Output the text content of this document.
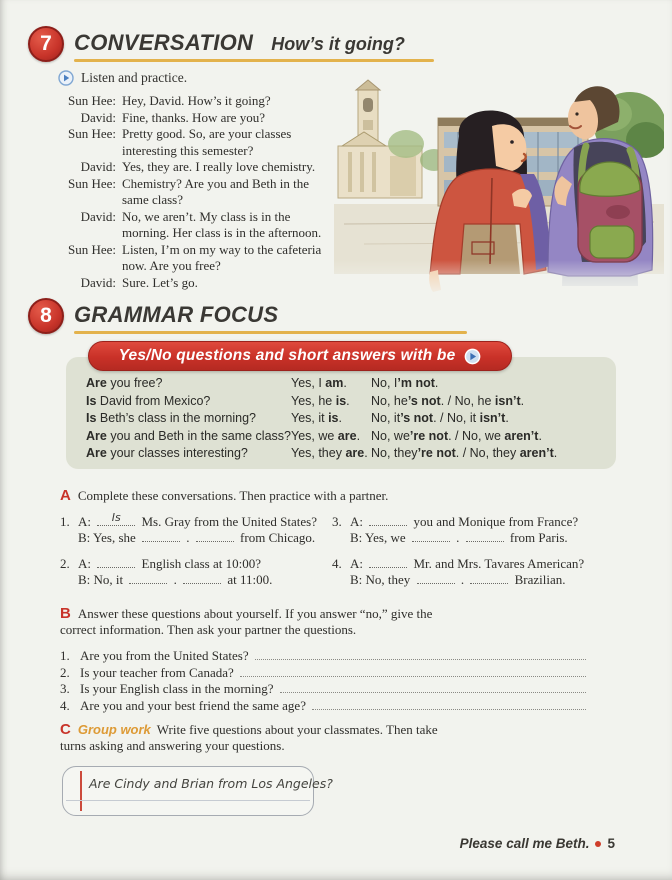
7	CONVERSATION How’s it going?
Listen and practice.
Sun Hee: Hey, David. How’s it going?
David: Fine, thanks. How are you?
Sun Hee: Pretty good. So, are your classes
interesting this semester?
David: Yes, they are. I really love chemistry.
Sun Hee: Chemistry? Are you and Beth in the
same class?
David: No, we aren’t. My class is in the
morning. Her class is in the afternoon.
Sun Hee: Listen, I’m on my way to the cafeteria
now. Are you free?
David: Sure. Let’s go.
8	GRAMMAR FOCUS
Yes/No questions and short answers with be
Are you free?	Yes, I am.	No, I’m not.
Is David from Mexico?	Yes, he is.	No, he’s not. / No, he isn’t.
Is Beth’s class in the morning?	Yes, it is.	No, it’s not. / No, it isn’t.
Are you and Beth in the same class? Yes, we are. No, we’re not. / No, we aren’t.
Are your classes interesting?	Yes, they are. No, they’re not. / No, they aren’t.
A Complete these conversations. Then practice with a partner.
1. A:	Is	Ms. Gray from the United States?
B: Yes, she	.	from Chicago.
3. A:	you and Monique from France?
B: Yes, we	.	from Paris.
2. A:	English class at 10:00?
B: No, it	.	at 11:00.
4. A:	Mr. and Mrs. Tavares American?
B: No, they	.	Brazilian.
B Answer these questions about yourself. If you answer “no,” give the
correct information. Then ask your partner the questions.
1. Are you from the United States?
2. Is your teacher from Canada?
3. Is your English class in the morning?
4. Are you and your best friend the same age?
C Group work Write five questions about your classmates. Then take
turns asking and answering your questions.
Are Cindy and Brian from Los Angeles?
Please call me Beth. 5
